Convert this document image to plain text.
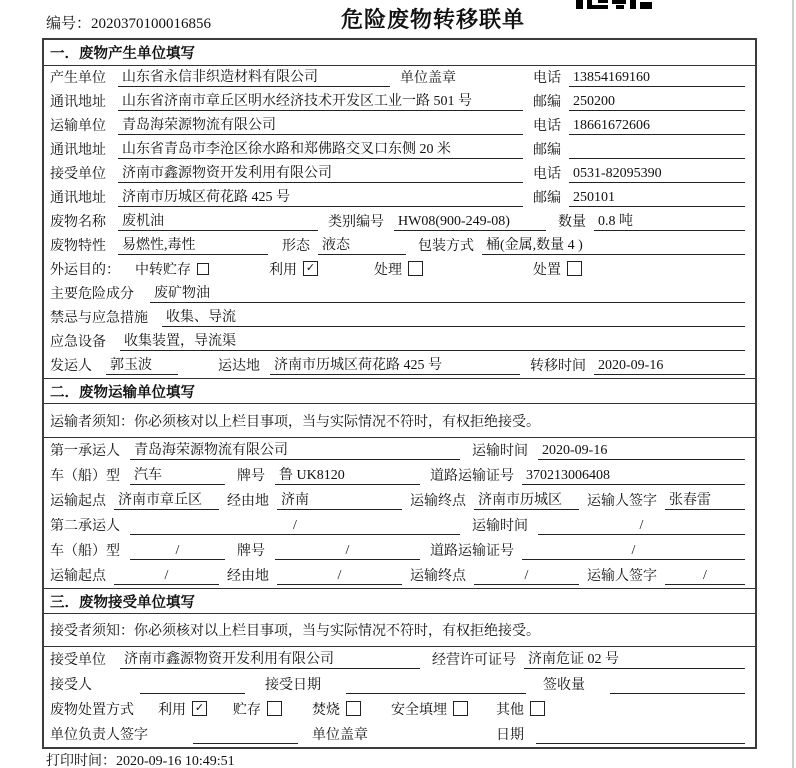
编号：2020370100016856	危险废物转移联单
一．废物产生单位填写
产生单位 山东省永信非织造材料有限公司	单位盖章	电话 13854169160
通讯地址 山东省济南市章丘区明水经济技术开发区工业一路 501 号	邮编 250200
运输单位 青岛海荣源物流有限公司	电话 18661672606
通讯地址 山东省青岛市李沧区徐水路和郑佛路交叉口东侧 20 米	邮编
接受单位 济南市鑫源物资开发利用有限公司	电话 0531-82095390
通讯地址 济南市历城区荷花路 425 号	邮编 250101
废物名称 废机油	类别编号 HW08(900-249-08)	数量 0.8 吨
废物特性 易燃性,毒性	形态 液态	包装方式 桶(金属,数量 4 )
外运目的： 中转贮存	利用 ✓	处理	处置
主要危险成分 废矿物油
禁忌与应急措施 收集、导流
应急设备 收集装置，导流渠
发运人 郭玉波	运达地 济南市历城区荷花路 425 号	转移时间 2020-09-16
二．废物运输单位填写
运输者须知：你必须核对以上栏目事项，当与实际情况不符时，有权拒绝接受。
第一承运人 青岛海荣源物流有限公司	运输时间 2020-09-16
车（船）型 汽车	牌号 鲁 UK8120	道路运输证号 370213006408
运输起点 济南市章丘区	经由地 济南	运输终点 济南市历城区	运输人签字 张春雷
第二承运人	/	运输时间	/
车（船）型	/	牌号	/	道路运输证号	/
运输起点	/	经由地	/	运输终点	/	运输人签字	/
三．废物接受单位填写
接受者须知：你必须核对以上栏目事项，当与实际情况不符时，有权拒绝接受。
接受单位 济南市鑫源物资开发利用有限公司	经营许可证号 济南危证 02 号
接受人	接受日期	签收量
废物处置方式 利用 ✓ 贮存	焚烧	安全填埋	其他
单位负责人签字	单位盖章	日期
打印时间：2020-09-16 10:49:51
